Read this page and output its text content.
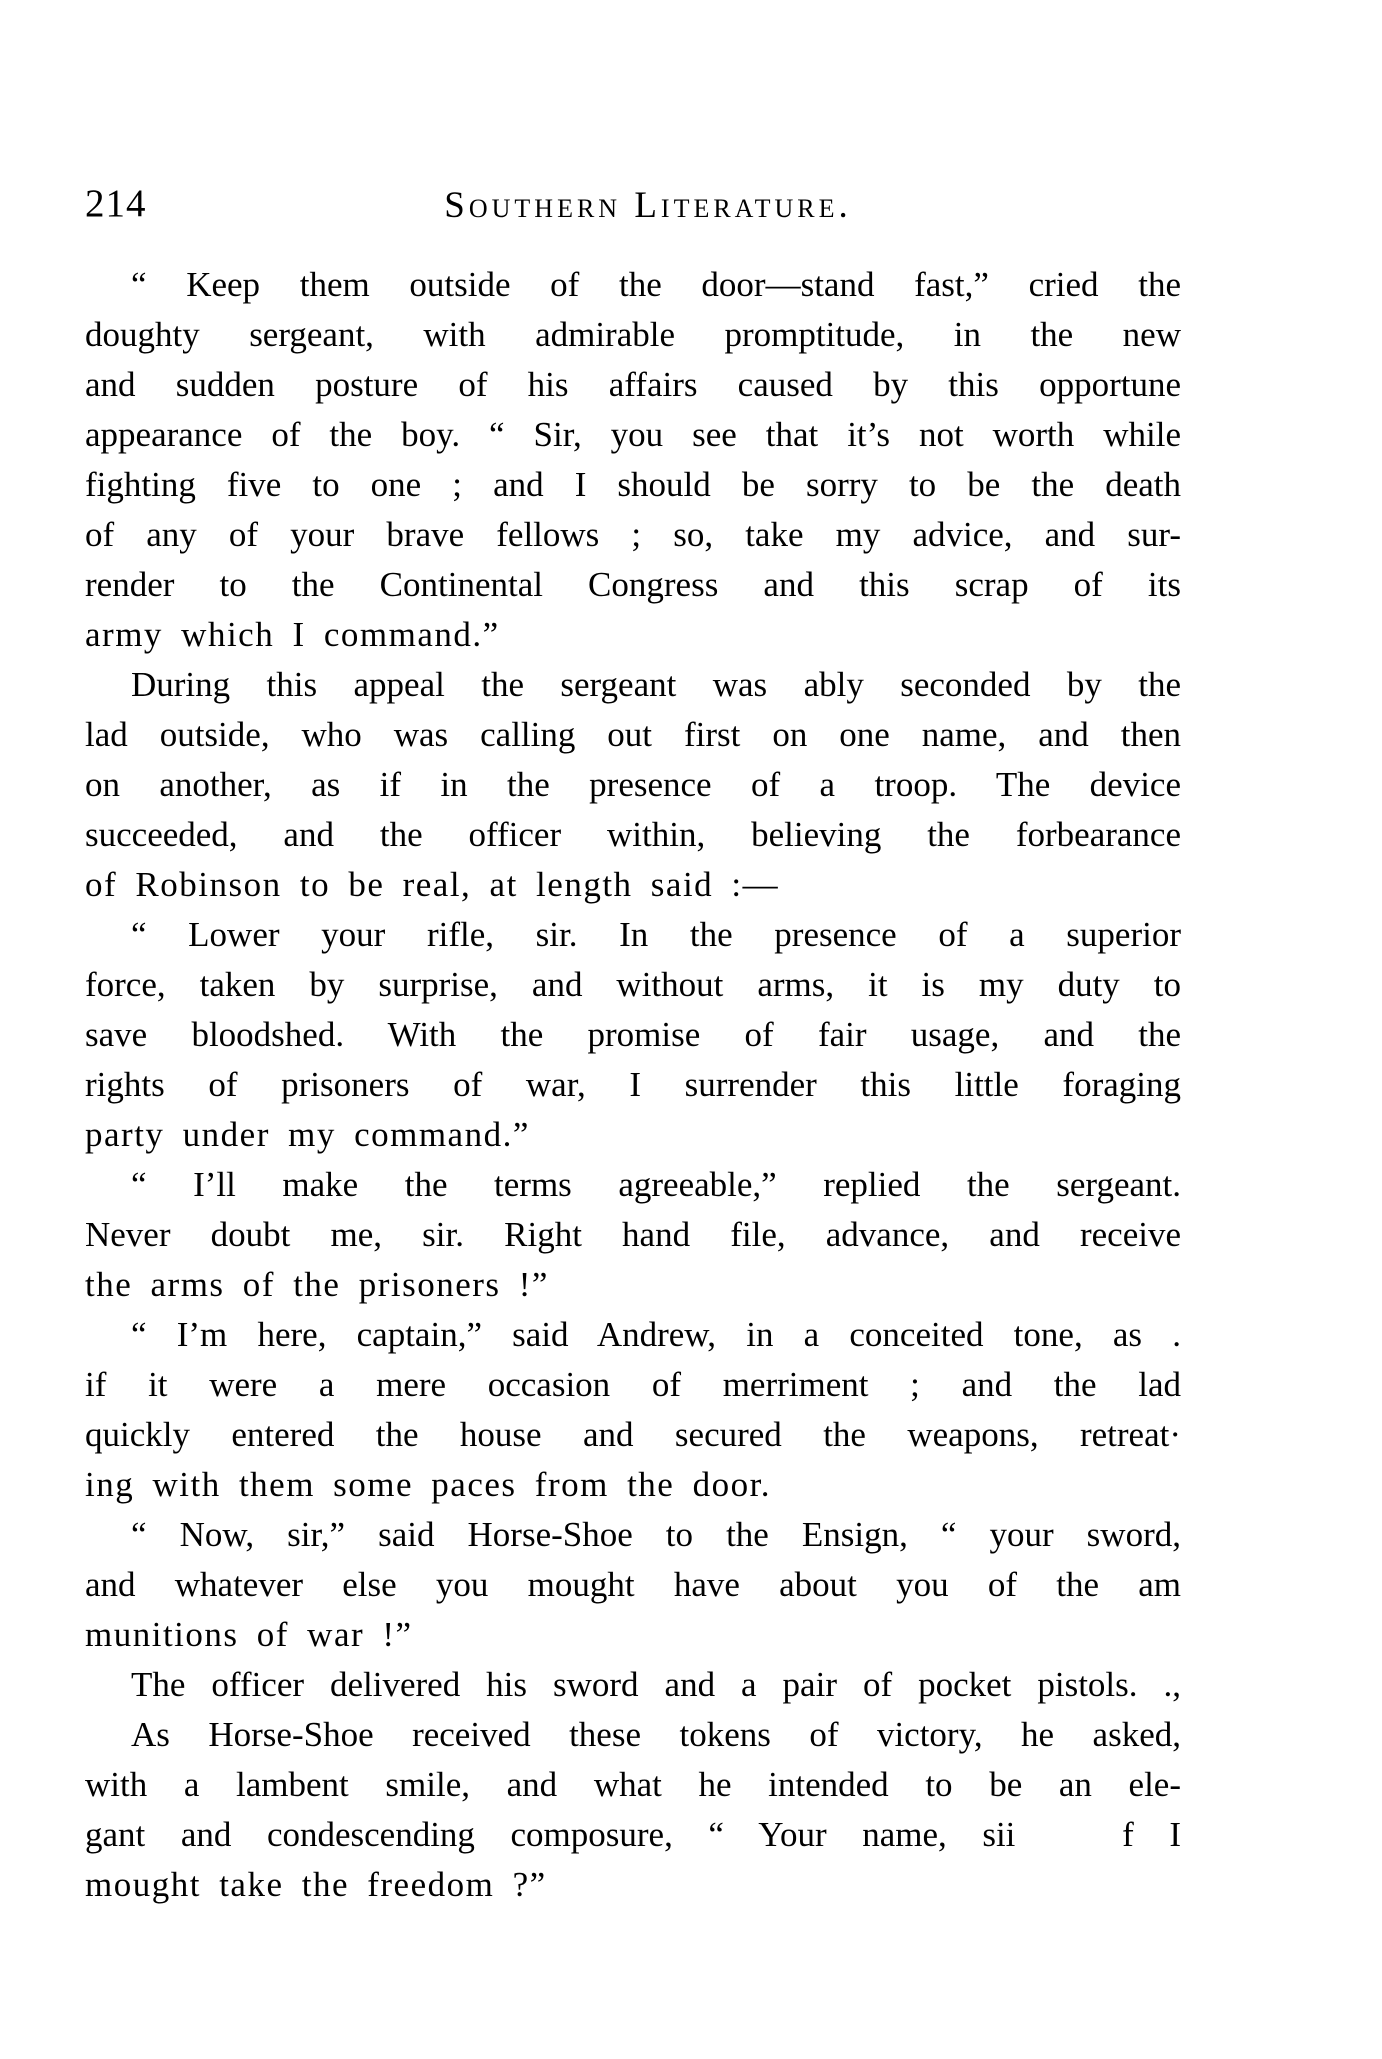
214	Southern Literature.
“ Keep them outside of the door—stand fast,” cried the
doughty sergeant, with admirable promptitude, in the new
and sudden posture of his affairs caused by this opportune
appearance of the boy. “ Sir, you see that it’s not worth while
fighting five to one ; and I should be sorry to be the death
of any of your brave fellows ; so, take my advice, and sur-
render to the Continental Congress and this scrap of its
army which I command.”
During this appeal the sergeant was ably seconded by the
lad outside, who was calling out first on one name, and then
on another, as if in the presence of a troop. The device
succeeded, and the officer within, believing the forbearance
of Robinson to be real, at length said :—
“ Lower your rifle, sir. In the presence of a superior
force, taken by surprise, and without arms, it is my duty to
save bloodshed. With the promise of fair usage, and the
rights of prisoners of war, I surrender this little foraging
party under my command.”
“ I’ll make the terms agreeable,” replied the sergeant.
Never doubt me, sir. Right hand file, advance, and receive
the arms of the prisoners !”
“ I’m here, captain,” said Andrew, in a conceited tone, as .
if it were a mere occasion of merriment ; and the lad
quickly entered the house and secured the weapons, retreat·
ing with them some paces from the door.
“ Now, sir,” said Horse-Shoe to the Ensign, “ your sword,
and whatever else you mought have about you of the am
munitions of war !”
The officer delivered his sword and a pair of pocket pistols. .,
As Horse-Shoe received these tokens of victory, he asked,
with a lambent smile, and what he intended to be an ele-
gant and condescending composure, “ Your name, sii   f I
mought take the freedom ?”
